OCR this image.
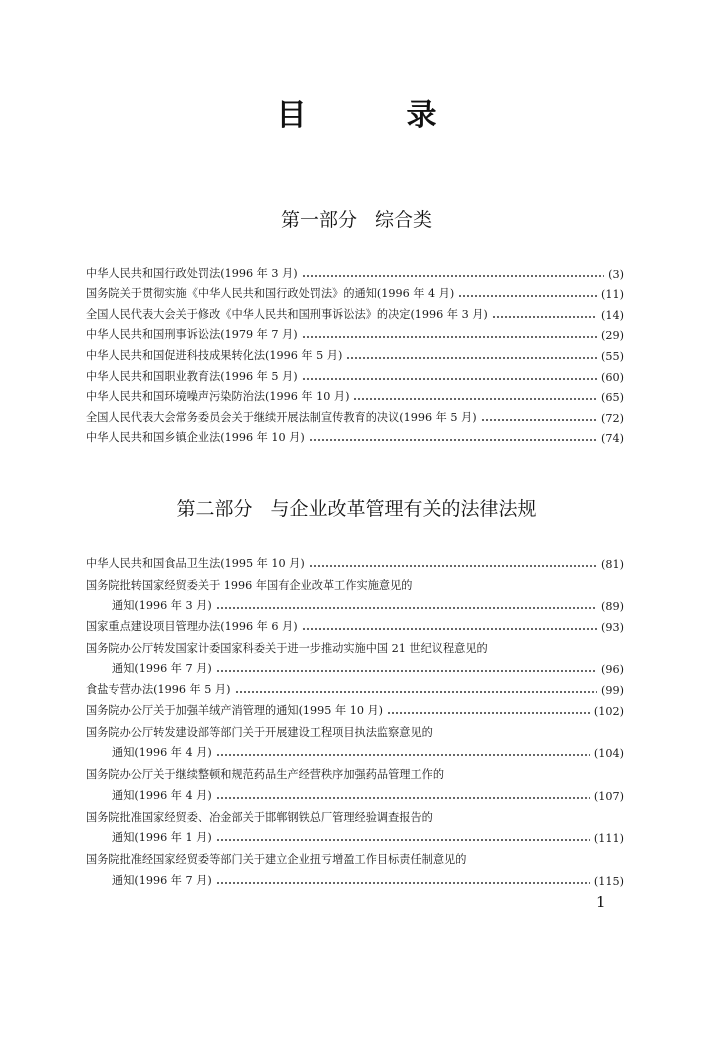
目	录
第一部分 综合类
中华人民共和国行政处罚法(1996 年 3 月)	(3)
国务院关于贯彻实施《中华人民共和国行政处罚法》的通知(1996 年 4 月)	(11)
全国人民代表大会关于修改《中华人民共和国刑事诉讼法》的决定(1996 年 3 月)	(14)
中华人民共和国刑事诉讼法(1979 年 7 月)	(29)
中华人民共和国促进科技成果转化法(1996 年 5 月)	(55)
中华人民共和国职业教育法(1996 年 5 月)	(60)
中华人民共和国环境噪声污染防治法(1996 年 10 月)	(65)
全国人民代表大会常务委员会关于继续开展法制宣传教育的决议(1996 年 5 月)	(72)
中华人民共和国乡镇企业法(1996 年 10 月)	(74)
第二部分 与企业改革管理有关的法律法规
中华人民共和国食品卫生法(1995 年 10 月)	(81)
国务院批转国家经贸委关于 1996 年国有企业改革工作实施意见的
通知(1996 年 3 月)	(89)
国家重点建设项目管理办法(1996 年 6 月)	(93)
国务院办公厅转发国家计委国家科委关于进一步推动实施中国 21 世纪议程意见的
通知(1996 年 7 月)	(96)
食盐专营办法(1996 年 5 月)	(99)
国务院办公厅关于加强羊绒产消管理的通知(1995 年 10 月)	(102)
国务院办公厅转发建设部等部门关于开展建设工程项目执法监察意见的
通知(1996 年 4 月)	(104)
国务院办公厅关于继续整顿和规范药品生产经营秩序加强药品管理工作的
通知(1996 年 4 月)	(107)
国务院批准国家经贸委、冶金部关于邯郸钢铁总厂管理经验调查报告的
通知(1996 年 1 月)	(111)
国务院批准经国家经贸委等部门关于建立企业扭亏增盈工作目标责任制意见的
通知(1996 年 7 月)	(115)
1
